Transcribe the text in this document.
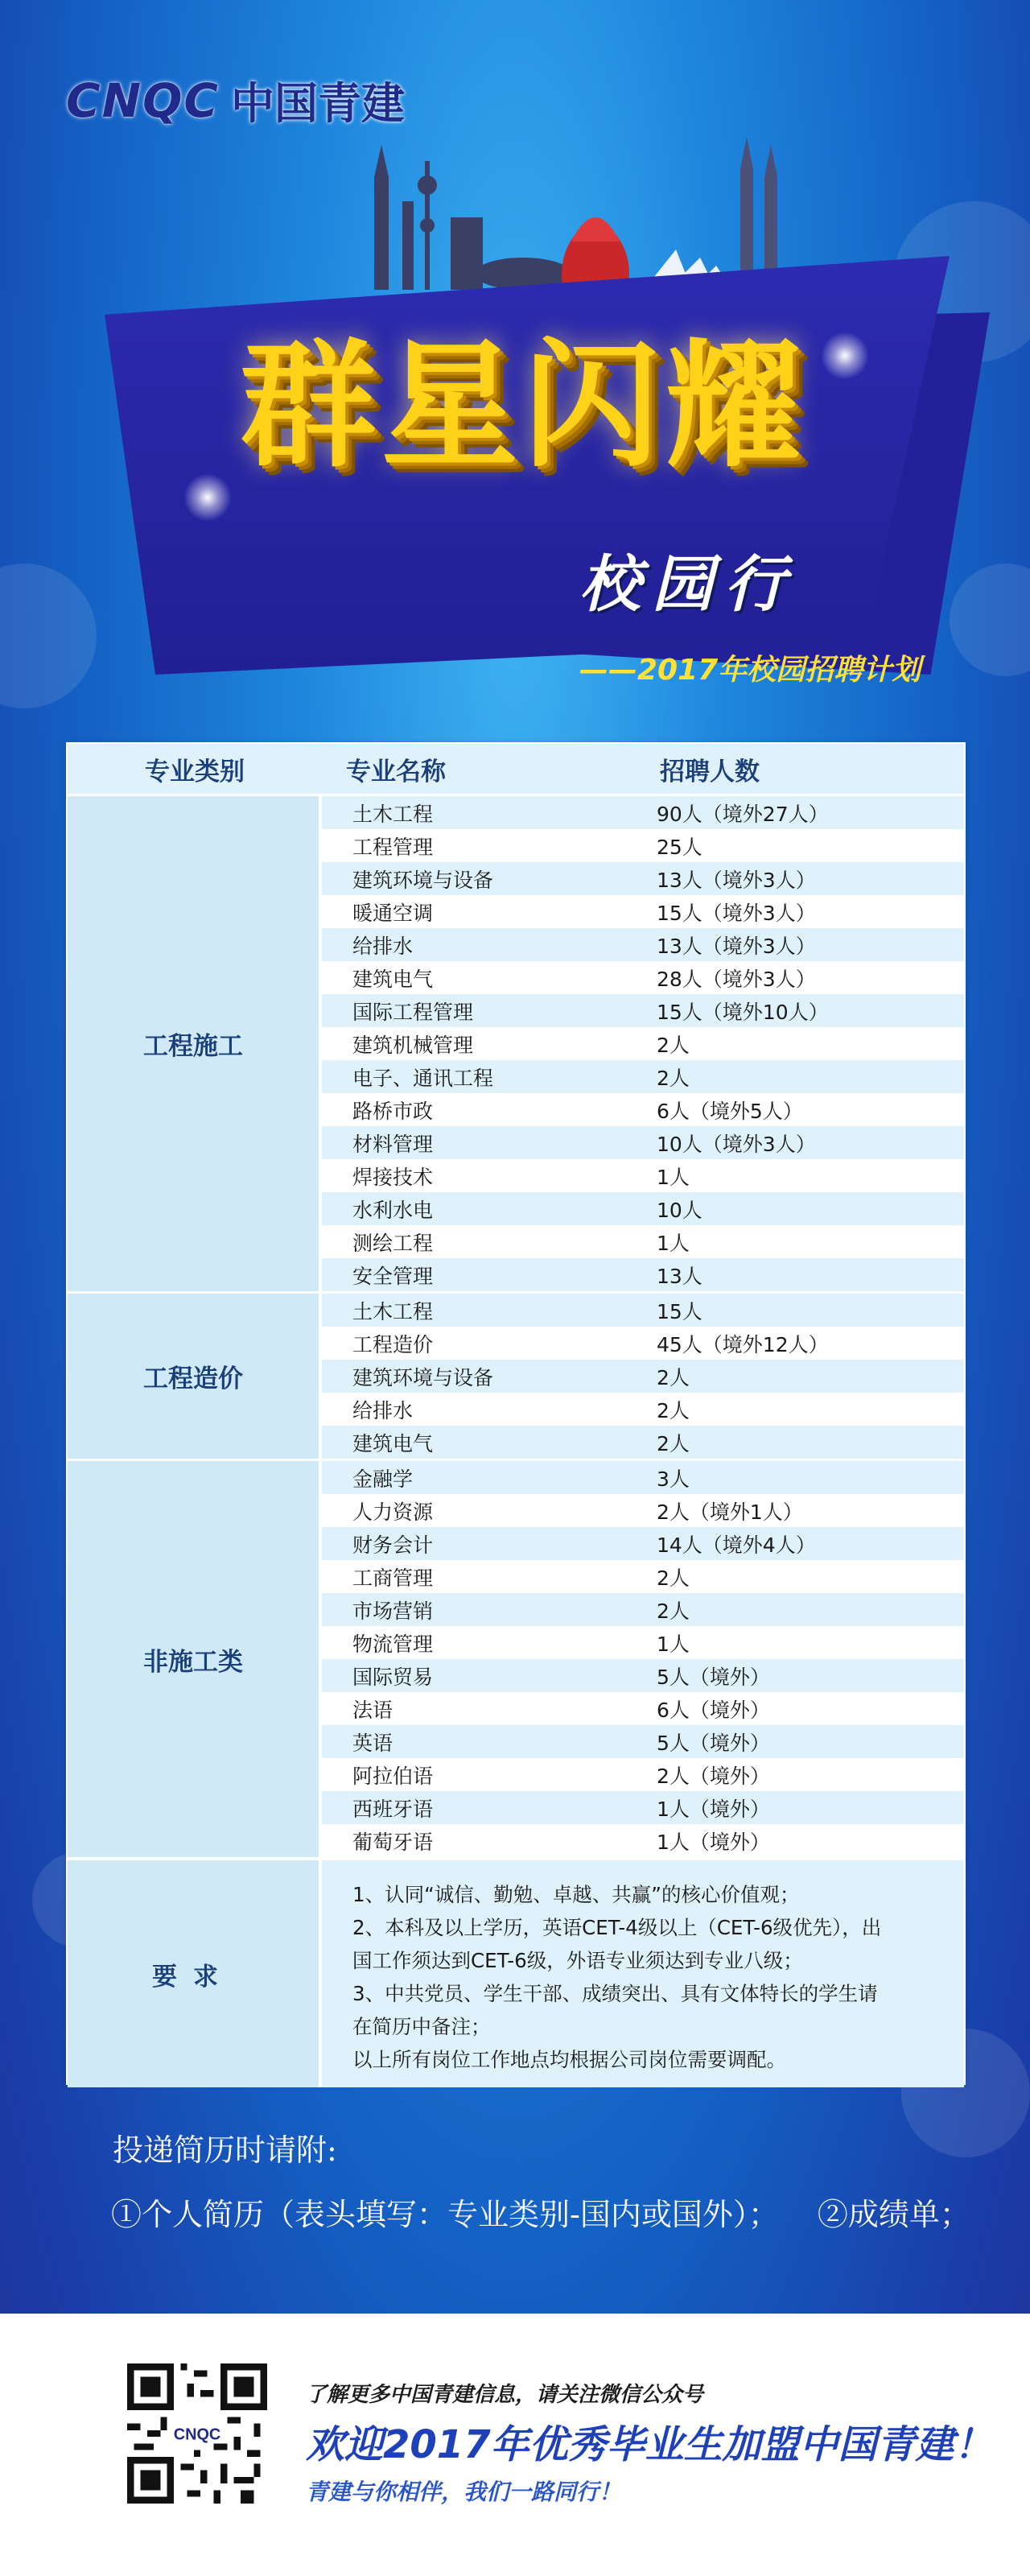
CNQC 中国青建
群星闪耀
校园行
——2017年校园招聘计划
专业类别	专业名称	招聘人数
工程施工
土木工程	90人（境外27人）
工程管理	25人
建筑环境与设备	13人（境外3人）
暖通空调	15人（境外3人）
给排水	13人（境外3人）
建筑电气	28人（境外3人）
国际工程管理	15人（境外10人）
建筑机械管理	2人
电子、通讯工程	2人
路桥市政	6人（境外5人）
材料管理	10人（境外3人）
焊接技术	1人
水利水电	10人
测绘工程	1人
安全管理	13人
工程造价
土木工程	15人
工程造价	45人（境外12人）
建筑环境与设备	2人
给排水	2人
建筑电气	2人
非施工类
金融学	3人
人力资源	2人（境外1人）
财务会计	14人（境外4人）
工商管理	2人
市场营销	2人
物流管理	1人
国际贸易	5人（境外）
法语	6人（境外）
英语	5人（境外）
阿拉伯语	2人（境外）
西班牙语	1人（境外）
葡萄牙语	1人（境外）
要求
1、认同“诚信、勤勉、卓越、共赢”的核心价值观；
2、本科及以上学历，英语CET-4级以上（CET-6级优先），出
国工作须达到CET-6级，外语专业须达到专业八级；
3、中共党员、学生干部、成绩突出、具有文体特长的学生请
在简历中备注；
以上所有岗位工作地点均根据公司岗位需要调配。
投递简历时请附:
①个人简历（表头填写：专业类别-国内或国外）； ②成绩单；
CNQC
了解更多中国青建信息，请关注微信公众号
欢迎2017年优秀毕业生加盟中国青建！
青建与你相伴，我们一路同行！
